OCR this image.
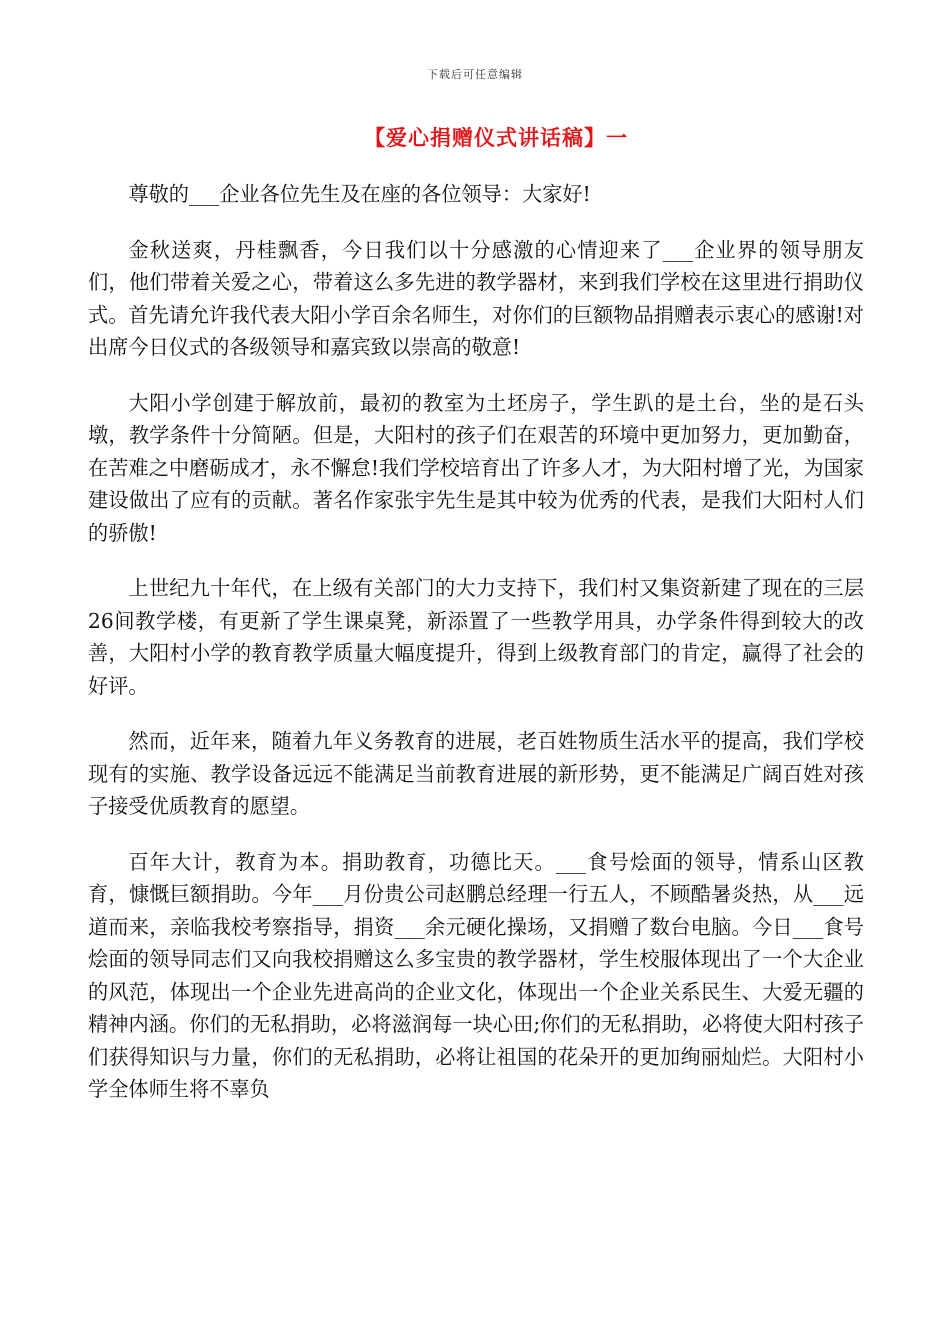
下载后可任意编辑
【爱心捐赠仪式讲话稿】一

尊敬的___企业各位先生及在座的各位领导：大家好!

金秋送爽，丹桂飘香，今日我们以十分感激的心情迎来了___企业界的领导朋友们，他们带着关爱之心，带着这么多先进的教学器材，来到我们学校在这里进行捐助仪式。首先请允许我代表大阳小学百余名师生，对你们的巨额物品捐赠表示衷心的感谢!对出席今日仪式的各级领导和嘉宾致以崇高的敬意!

大阳小学创建于解放前，最初的教室为土坯房子，学生趴的是土台，坐的是石头墩，教学条件十分简陋。但是，大阳村的孩子们在艰苦的环境中更加努力，更加勤奋，在苦难之中磨砺成才，永不懈怠!我们学校培育出了许多人才，为大阳村增了光，为国家建设做出了应有的贡献。著名作家张宇先生是其中较为优秀的代表，是我们大阳村人们的骄傲!

上世纪九十年代，在上级有关部门的大力支持下，我们村又集资新建了现在的三层26间教学楼，有更新了学生课桌凳，新添置了一些教学用具，办学条件得到较大的改善，大阳村小学的教育教学质量大幅度提升，得到上级教育部门的肯定，赢得了社会的好评。

然而，近年来，随着九年义务教育的进展，老百姓物质生活水平的提高，我们学校现有的实施、教学设备远远不能满足当前教育进展的新形势，更不能满足广阔百姓对孩子接受优质教育的愿望。

百年大计，教育为本。捐助教育，功德比天。___食号烩面的领导，情系山区教育，慷慨巨额捐助。今年___月份贵公司赵鹏总经理一行五人，不顾酷暑炎热，从___远道而来，亲临我校考察指导，捐资___余元硬化操场，又捐赠了数台电脑。今日___食号烩面的领导同志们又向我校捐赠这么多宝贵的教学器材，学生校服体现出了一个大企业的风范，体现出一个企业先进高尚的企业文化，体现出一个企业关系民生、大爱无疆的精神内涵。你们的无私捐助，必将滋润每一块心田;你们的无私捐助，必将使大阳村孩子们获得知识与力量，你们的无私捐助，必将让祖国的花朵开的更加绚丽灿烂。大阳村小学全体师生将不辜负
